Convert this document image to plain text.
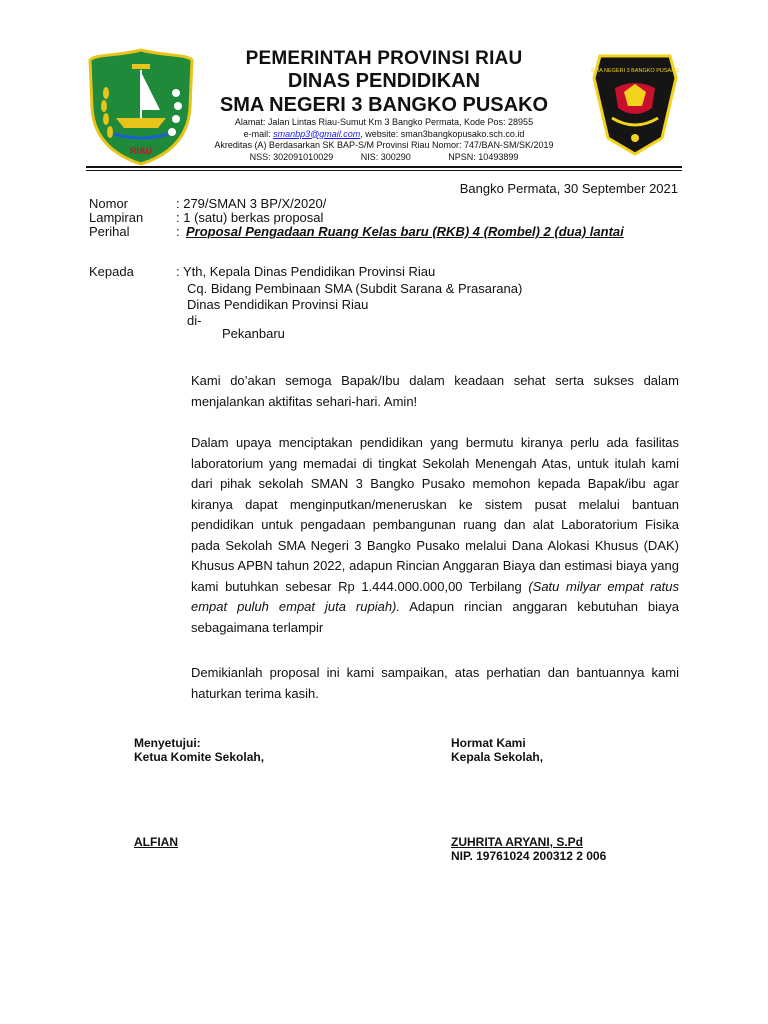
RIAU
SMA NEGERI 3 BANGKO PUSAKO
PEMERINTAH PROVINSI RIAU
DINAS PENDIDIKAN
SMA NEGERI 3 BANGKO PUSAKO
Alamat: Jalan Lintas Riau-Sumut Km 3 Bangko Permata, Kode Pos: 28955
e-mail: smanbp3@gmail.com, website: sman3bangkopusako.sch.co.id
Akreditas (A) Berdasarkan SK BAP-S/M Provinsi Riau Nomor: 747/BAN-SM/SK/2019
NSS: 302091010029	NIS: 300290	NPSN: 10493899
Bangko Permata, 30 September 2021
Nomor	: 279/SMAN 3 BP/X/2020/
Lampiran	: 1 (satu) berkas proposal
Perihal	: Proposal Pengadaan Ruang Kelas baru (RKB) 4 (Rombel) 2 (dua) lantai
Kepada	: Yth, Kepala Dinas Pendidikan Provinsi Riau
Cq. Bidang Pembinaan SMA (Subdit Sarana & Prasarana)
Dinas Pendidikan Provinsi Riau
di-
Pekanbaru
Kami do’akan semoga Bapak/Ibu dalam keadaan sehat serta sukses dalam menjalankan aktifitas sehari-hari. Amin!
Dalam upaya menciptakan pendidikan yang bermutu kiranya perlu ada fasilitas laboratorium yang memadai di tingkat Sekolah Menengah Atas, untuk itulah kami dari pihak sekolah SMAN 3 Bangko Pusako memohon kepada Bapak/ibu agar kiranya dapat menginputkan/meneruskan ke sistem pusat melalui bantuan pendidikan untuk pengadaan pembangunan ruang dan alat Laboratorium Fisika pada Sekolah SMA Negeri 3 Bangko Pusako melalui Dana Alokasi Khusus (DAK) Khusus APBN tahun 2022, adapun Rincian Anggaran Biaya dan estimasi biaya yang kami butuhkan sebesar Rp 1.444.000.000,00 Terbilang (Satu milyar empat ratus empat puluh empat juta rupiah). Adapun rincian anggaran kebutuhan biaya sebagaimana terlampir
Demikianlah proposal ini kami sampaikan, atas perhatian dan bantuannya kami haturkan terima kasih.
Menyetujui:
Ketua Komite Sekolah,
ALFIAN
Hormat Kami
Kepala Sekolah,
ZUHRITA ARYANI, S.Pd
NIP. 19761024 200312 2 006
